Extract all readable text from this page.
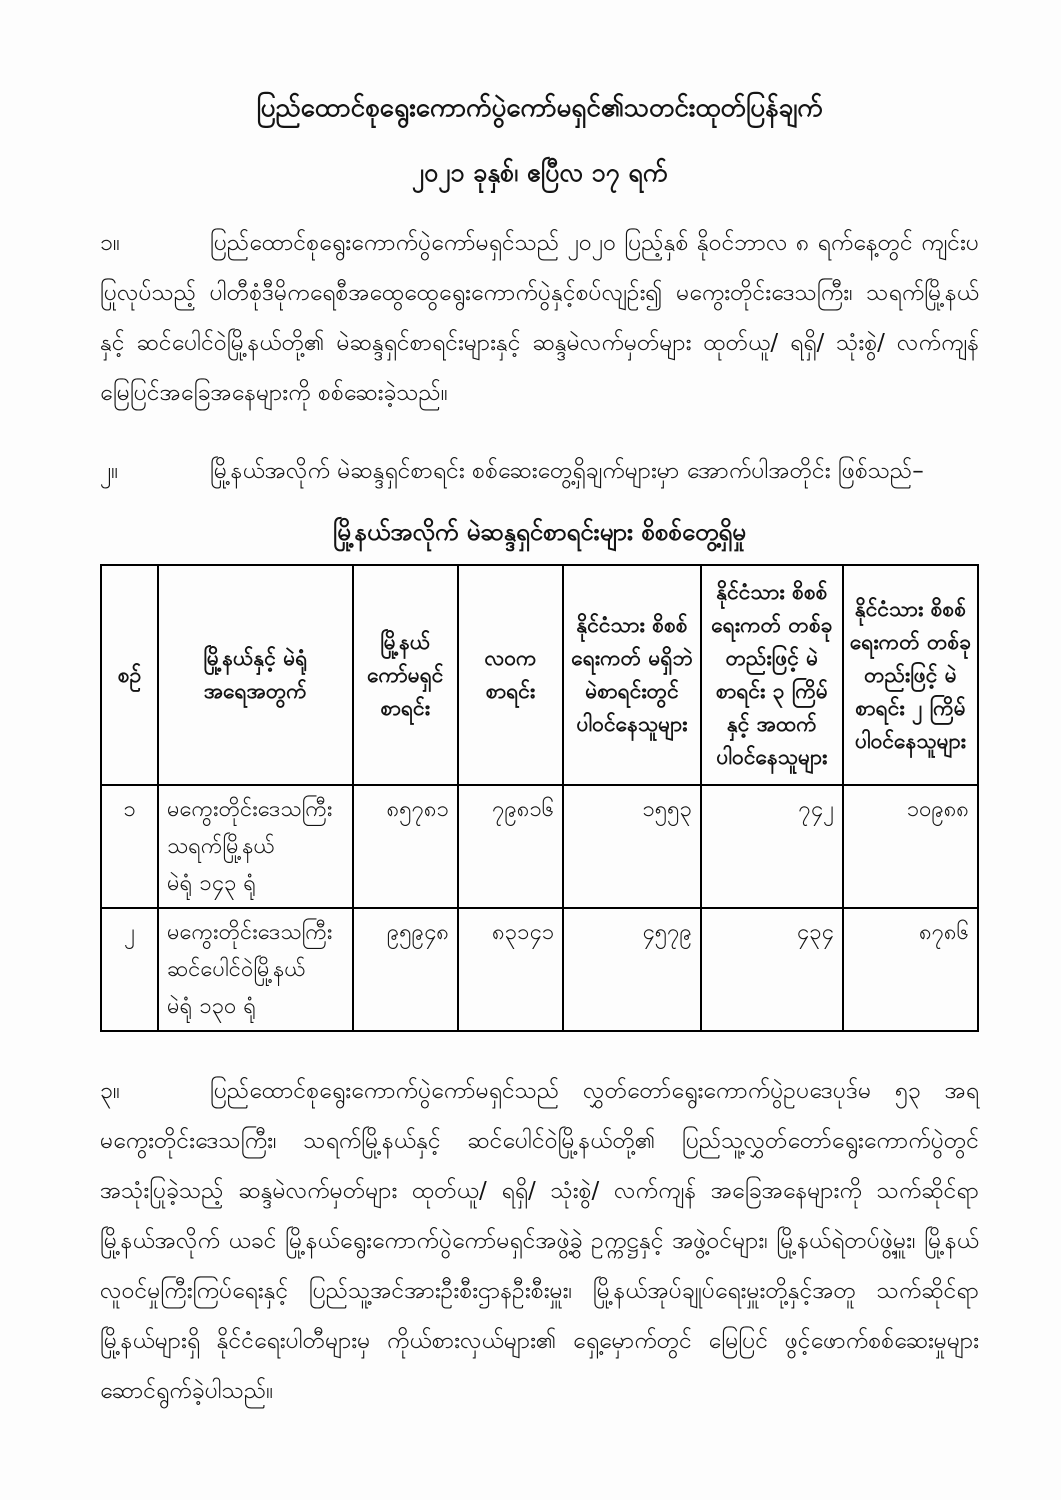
ပြည်ထောင်စုရွေးကောက်ပွဲကော်မရှင်၏သတင်းထုတ်ပြန်ချက်
၂၀၂၁ ခုနှစ်၊ ဧပြီလ ၁၇ ရက်
၁။	ပြည်ထောင်စုရွေးကောက်ပွဲကော်မရှင်သည် ၂၀၂၀ ပြည့်နှစ် နိုဝင်ဘာလ ၈ ရက်နေ့တွင် ကျင်းပပြုလုပ်သည့် ပါတီစုံဒီမိုကရေစီအထွေထွေရွေးကောက်ပွဲနှင့်စပ်လျဉ်း၍ မကွေးတိုင်းဒေသကြီး၊ သရက်မြို့နယ်နှင့် ဆင်ပေါင်ဝဲမြို့နယ်တို့၏ မဲဆန္ဒရှင်စာရင်းများနှင့် ဆန္ဒမဲလက်မှတ်များ ထုတ်ယူ/ ရရှိ/ သုံးစွဲ/ လက်ကျန် မြေပြင်အခြေအနေများကို စစ်ဆေးခဲ့သည်။
၂။	မြို့နယ်အလိုက် မဲဆန္ဒရှင်စာရင်း စစ်ဆေးတွေ့ရှိချက်များမှာ အောက်ပါအတိုင်း ဖြစ်သည်–
မြို့နယ်အလိုက် မဲဆန္ဒရှင်စာရင်းများ စိစစ်တွေ့ရှိမှု
စဉ်	မြို့နယ်နှင့် မဲရုံအရေအတွက်	မြို့နယ် ကော်မရှင် စာရင်း	လဝက စာရင်း	နိုင်ငံသား စိစစ်ရေးကတ် မရှိဘဲ မဲစာရင်းတွင် ပါဝင်နေသူများ	နိုင်ငံသား စိစစ်ရေးကတ် တစ်ခုတည်းဖြင့် မဲစာရင်း ၃ ကြိမ် နှင့် အထက် ပါဝင်နေသူများ	နိုင်ငံသား စိစစ်ရေးကတ် တစ်ခုတည်းဖြင့် မဲစာရင်း ၂ ကြိမ် ပါဝင်နေသူများ
၁	မကွေးတိုင်းဒေသကြီး
သရက်မြို့နယ်
မဲရုံ ၁၄၃ ရုံ	၈၅၇၈၁	၇၉၈၁၆	၁၅၅၃	၇၄၂	၁၀၉၈၈
၂	မကွေးတိုင်းဒေသကြီး
ဆင်ပေါင်ဝဲမြို့နယ်
မဲရုံ ၁၃၀ ရုံ	၉၅၉၄၈	၈၃၁၄၁	၄၅၇၉	၄၃၄	၈၇၈၆
၃။	ပြည်ထောင်စုရွေးကောက်ပွဲကော်မရှင်သည် လွှတ်တော်ရွေးကောက်ပွဲဥပဒေပုဒ်မ ၅၃ အရ မကွေးတိုင်းဒေသကြီး၊ သရက်မြို့နယ်နှင့် ဆင်ပေါင်ဝဲမြို့နယ်တို့၏ ပြည်သူ့လွှတ်တော်ရွေးကောက်ပွဲတွင် အသုံးပြုခဲ့သည့် ဆန္ဒမဲလက်မှတ်များ ထုတ်ယူ/ ရရှိ/ သုံးစွဲ/ လက်ကျန် အခြေအနေများကို သက်ဆိုင်ရာ မြို့နယ်အလိုက် ယခင် မြို့နယ်ရွေးကောက်ပွဲကော်မရှင်အဖွဲ့ခွဲ ဥက္ကဋ္ဌနှင့် အဖွဲ့ဝင်များ၊ မြို့နယ်ရဲတပ်ဖွဲ့မှူး၊ မြို့နယ်လူဝင်မှုကြီးကြပ်ရေးနှင့် ပြည်သူ့အင်အားဦးစီးဌာနဦးစီးမှူး၊ မြို့နယ်အုပ်ချုပ်ရေးမှူးတို့နှင့်အတူ သက်ဆိုင်ရာ မြို့နယ်များရှိ နိုင်ငံရေးပါတီများမှ ကိုယ်စားလှယ်များ၏ ရှေ့မှောက်တွင် မြေပြင် ဖွင့်ဖောက်စစ်ဆေးမှုများ ဆောင်ရွက်ခဲ့ပါသည်။
